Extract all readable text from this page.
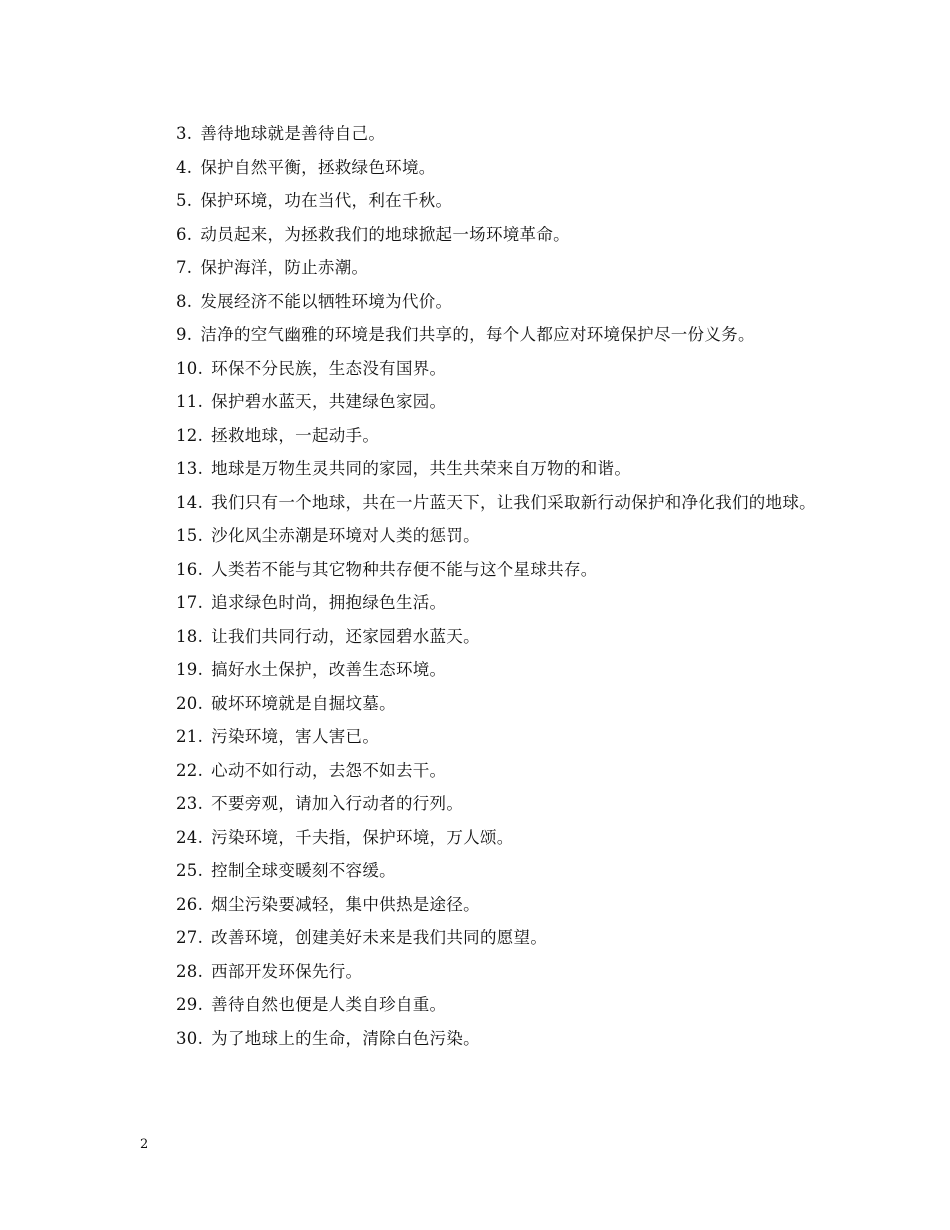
3. 善待地球就是善待自己。

4. 保护自然平衡，拯救绿色环境。

5. 保护环境，功在当代，利在千秋。

6. 动员起来，为拯救我们的地球掀起一场环境革命。

7. 保护海洋，防止赤潮。

8. 发展经济不能以牺牲环境为代价。

9. 洁净的空气幽雅的环境是我们共享的，每个人都应对环境保护尽一份义务。

10. 环保不分民族，生态没有国界。

11. 保护碧水蓝天，共建绿色家园。

12. 拯救地球，一起动手。

13. 地球是万物生灵共同的家园，共生共荣来自万物的和谐。

14. 我们只有一个地球，共在一片蓝天下，让我们采取新行动保护和净化我们的地球。

15. 沙化风尘赤潮是环境对人类的惩罚。

16. 人类若不能与其它物种共存便不能与这个星球共存。

17. 追求绿色时尚，拥抱绿色生活。

18. 让我们共同行动，还家园碧水蓝天。

19. 搞好水土保护，改善生态环境。

20. 破坏环境就是自掘坟墓。

21. 污染环境，害人害已。

22. 心动不如行动，去怨不如去干。

23. 不要旁观，请加入行动者的行列。

24. 污染环境，千夫指，保护环境，万人颂。

25. 控制全球变暖刻不容缓。

26. 烟尘污染要减轻，集中供热是途径。

27. 改善环境，创建美好未来是我们共同的愿望。

28. 西部开发环保先行。

29. 善待自然也便是人类自珍自重。

30. 为了地球上的生命，清除白色污染。

2
